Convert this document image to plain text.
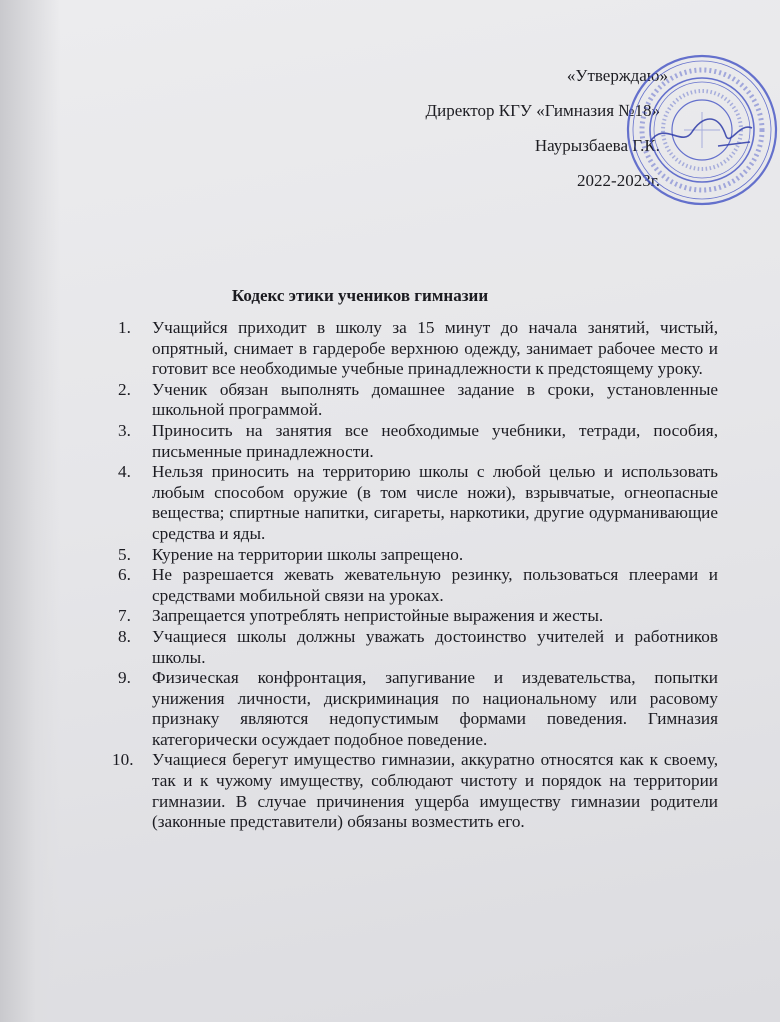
«Утверждаю»
Директор КГУ «Гимназия №18»
Наурызбаева Г.К.
2022-2023г.
Кодекс этики учеников гимназии
1.	Учащийся приходит в школу за 15 минут до начала занятий, чистый, опрятный, снимает в гардеробе верхнюю одежду, занимает рабочее место и готовит все необходимые учебные принадлежности к предстоящему уроку.
2.	Ученик обязан выполнять домашнее задание в сроки, установленные школьной программой.
3.	Приносить на занятия все необходимые учебники, тетради, пособия, письменные принадлежности.
4.	Нельзя приносить на территорию школы с любой целью и использовать любым способом оружие (в том числе ножи), взрывчатые, огнеопасные вещества; спиртные напитки, сигареты, наркотики, другие одурманивающие средства и яды.
5.	Курение на территории школы запрещено.
6.	Не разрешается жевать жевательную резинку, пользоваться плеерами и средствами мобильной связи на уроках.
7.	Запрещается употреблять непристойные выражения и жесты.
8.	Учащиеся школы должны уважать достоинство учителей и работников школы.
9.	Физическая конфронтация, запугивание и издевательства, попытки унижения личности, дискриминация по национальному или расовому признаку являются недопустимым формами поведения. Гимназия категорически осуждает подобное поведение.
10.	Учащиеся берегут имущество гимназии, аккуратно относятся как к своему, так и к чужому имуществу, соблюдают чистоту и порядок на территории гимназии. В случае причинения ущерба имуществу гимназии родители (законные представители) обязаны возместить его.
